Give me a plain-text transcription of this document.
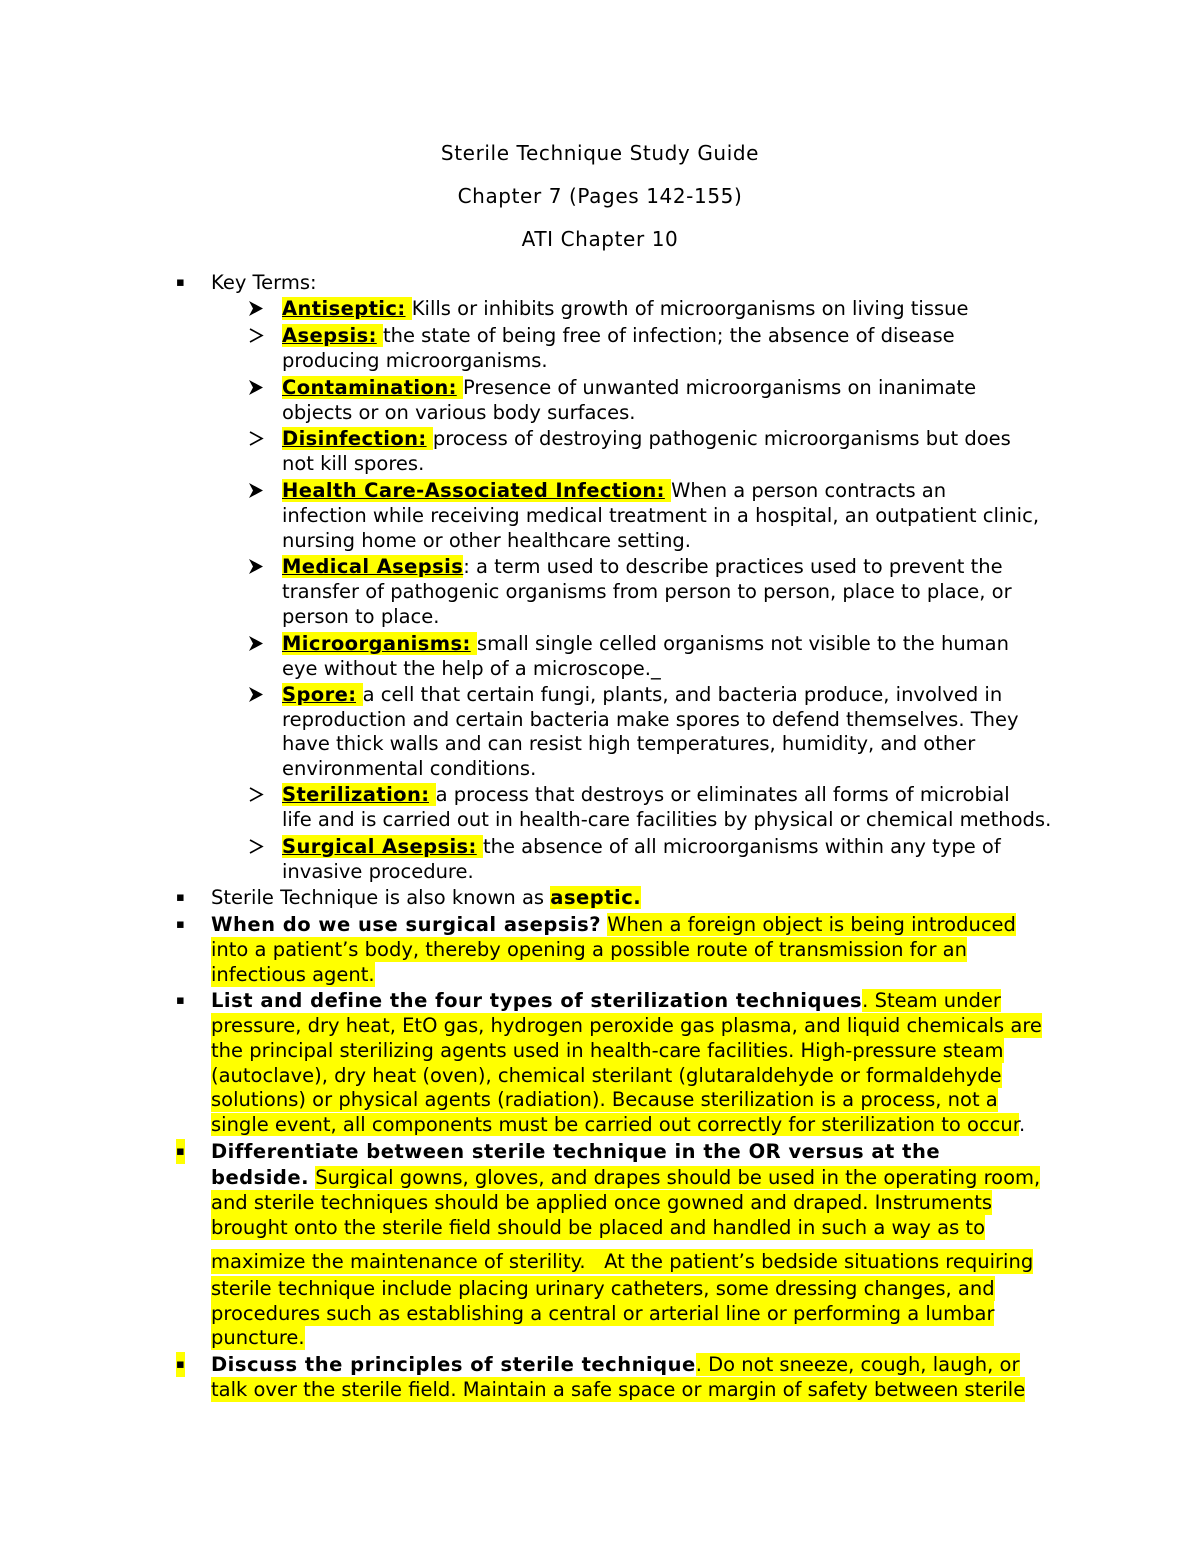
Sterile Technique Study Guide
Chapter 7 (Pages 142-155)
ATI Chapter 10
▪ Key Terms:
Antiseptic: Kills or inhibits growth of microorganisms on living tissue
Asepsis: the state of being free of infection; the absence of disease
producing microorganisms.
Contamination: Presence of unwanted microorganisms on inanimate
objects or on various body surfaces.
Disinfection: process of destroying pathogenic microorganisms but does
not kill spores.
Health Care-Associated Infection: When a person contracts an
infection while receiving medical treatment in a hospital, an outpatient clinic,
nursing home or other healthcare setting.
Medical Asepsis: a term used to describe practices used to prevent the
transfer of pathogenic organisms from person to person, place to place, or
person to place.
Microorganisms: small single celled organisms not visible to the human
eye without the help of a microscope._
Spore: a cell that certain fungi, plants, and bacteria produce, involved in
reproduction and certain bacteria make spores to defend themselves. They
have thick walls and can resist high temperatures, humidity, and other
environmental conditions.
Sterilization: a process that destroys or eliminates all forms of microbial
life and is carried out in health-care facilities by physical or chemical methods.
Surgical Asepsis: the absence of all microorganisms within any type of
invasive procedure.
▪ Sterile Technique is also known as aseptic.
▪ When do we use surgical asepsis? When a foreign object is being introduced
into a patient’s body, thereby opening a possible route of transmission for an
infectious agent.
▪ List and define the four types of sterilization techniques. Steam under
pressure, dry heat, EtO gas, hydrogen peroxide gas plasma, and liquid chemicals are
the principal sterilizing agents used in health-care facilities. High-pressure steam
(autoclave), dry heat (oven), chemical sterilant (glutaraldehyde or formaldehyde
solutions) or physical agents (radiation). Because sterilization is a process, not a
single event, all components must be carried out correctly for sterilization to occur.
▪ Differentiate between sterile technique in the OR versus at the
bedside. Surgical gowns, gloves, and drapes should be used in the operating room,
and sterile techniques should be applied once gowned and draped. Instruments
brought onto the sterile field should be placed and handled in such a way as to
maximize the maintenance of sterility.   At the patient’s bedside situations requiring
sterile technique include placing urinary catheters, some dressing changes, and
procedures such as establishing a central or arterial line or performing a lumbar
puncture.
▪ Discuss the principles of sterile technique. Do not sneeze, cough, laugh, or
talk over the sterile field. Maintain a safe space or margin of safety between sterile
